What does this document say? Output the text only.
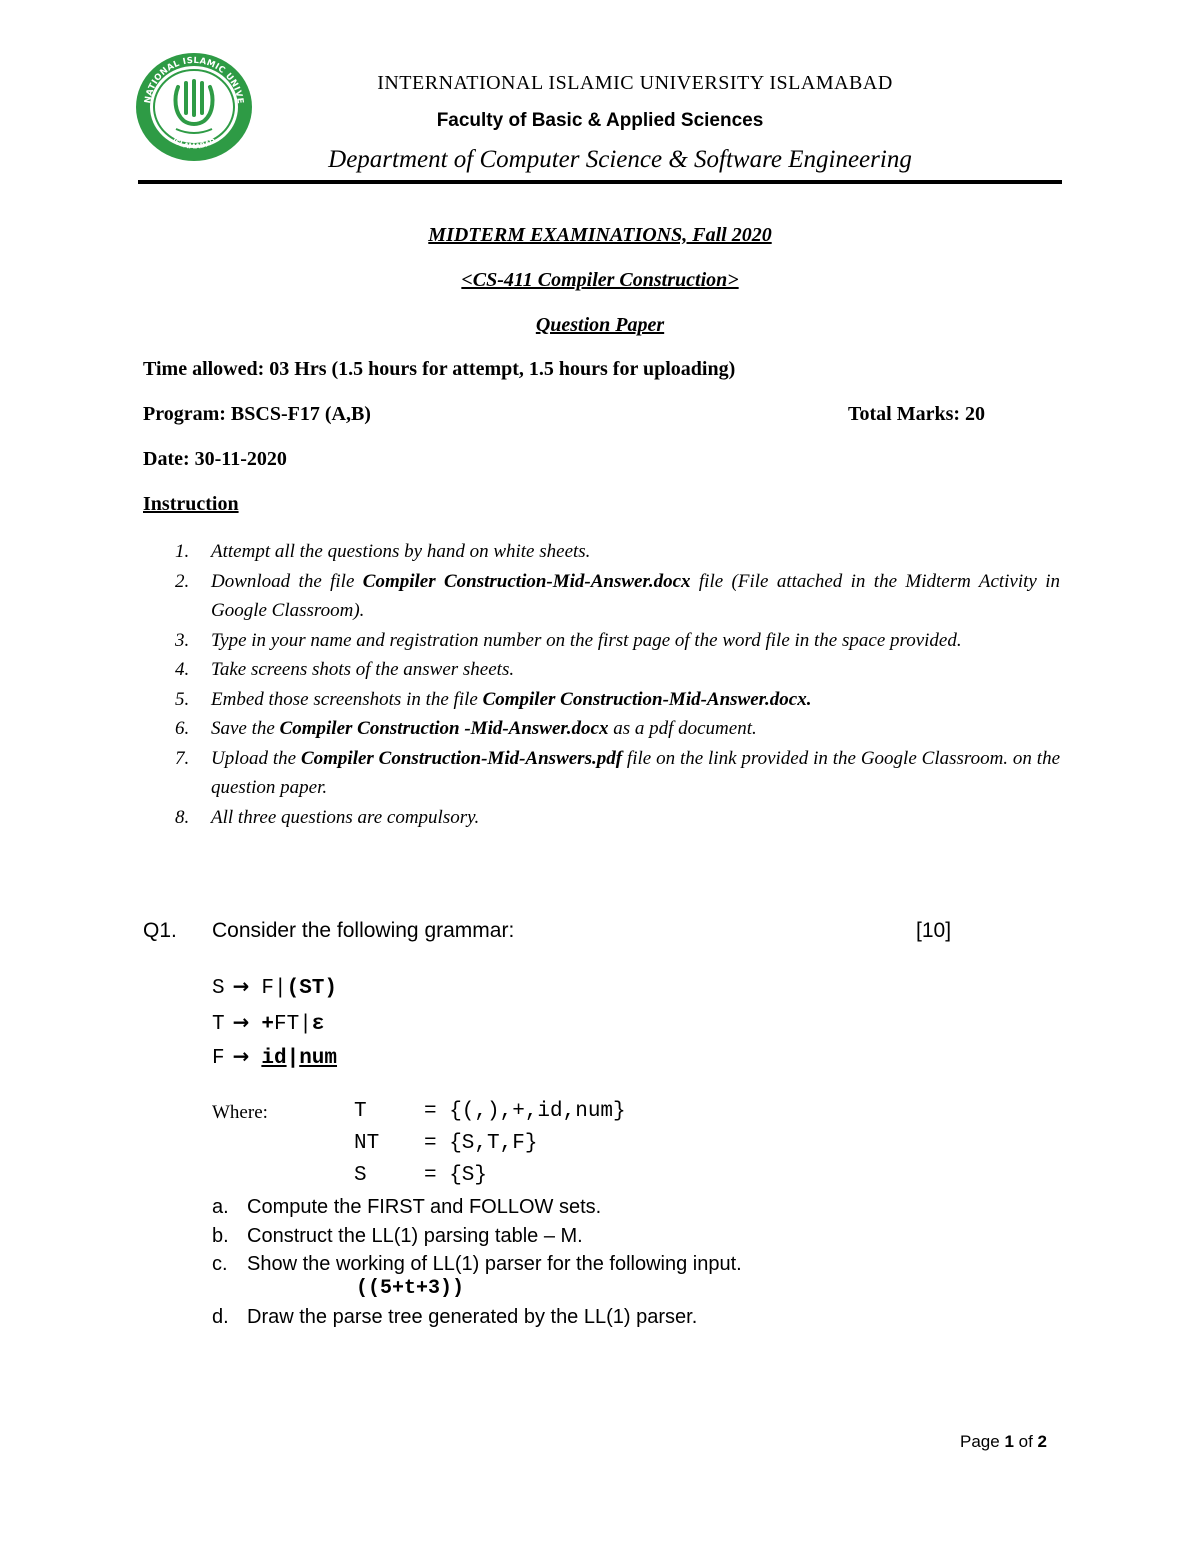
NATIONAL ISLAMIC UNIVE
ISLAMABAD
INTERNATIONAL ISLAMIC UNIVERSITY ISLAMABAD
Faculty of Basic & Applied Sciences
Department of Computer Science & Software Engineering
MIDTERM EXAMINATIONS, Fall 2020
<CS-411 Compiler Construction>
Question Paper
Time allowed: 03 Hrs (1.5 hours for attempt, 1.5 hours for uploading)
Program: BSCS-F17 (A,B)	Total Marks: 20
Date: 30-11-2020
Instruction
1. Attempt all the questions by hand on white sheets.
2. Download the file Compiler Construction-Mid-Answer.docx file (File attached in the Midterm Activity in Google Classroom).
3. Type in your name and registration number on the first page of the word file in the space provided.
4. Take screens shots of the answer sheets.
5. Embed those screenshots in the file Compiler Construction-Mid-Answer.docx.
6. Save the Compiler Construction -Mid-Answer.docx as a pdf document.
7. Upload the Compiler Construction-Mid-Answers.pdf file on the link provided in the Google Classroom. on the question paper.
8. All three questions are compulsory.
Q1. Consider the following grammar:	[10]
S → F|(ST)
T → +FT|ε
F → id|num
Where:	T	= {(,),+,id,num}
NT = {S,T,F}
S	= {S}
a. Compute the FIRST and FOLLOW sets.
b. Construct the LL(1) parsing table – M.
c. Show the working of LL(1) parser for the following input.
((5+t+3))
d. Draw the parse tree generated by the LL(1) parser.
Page 1 of 2
